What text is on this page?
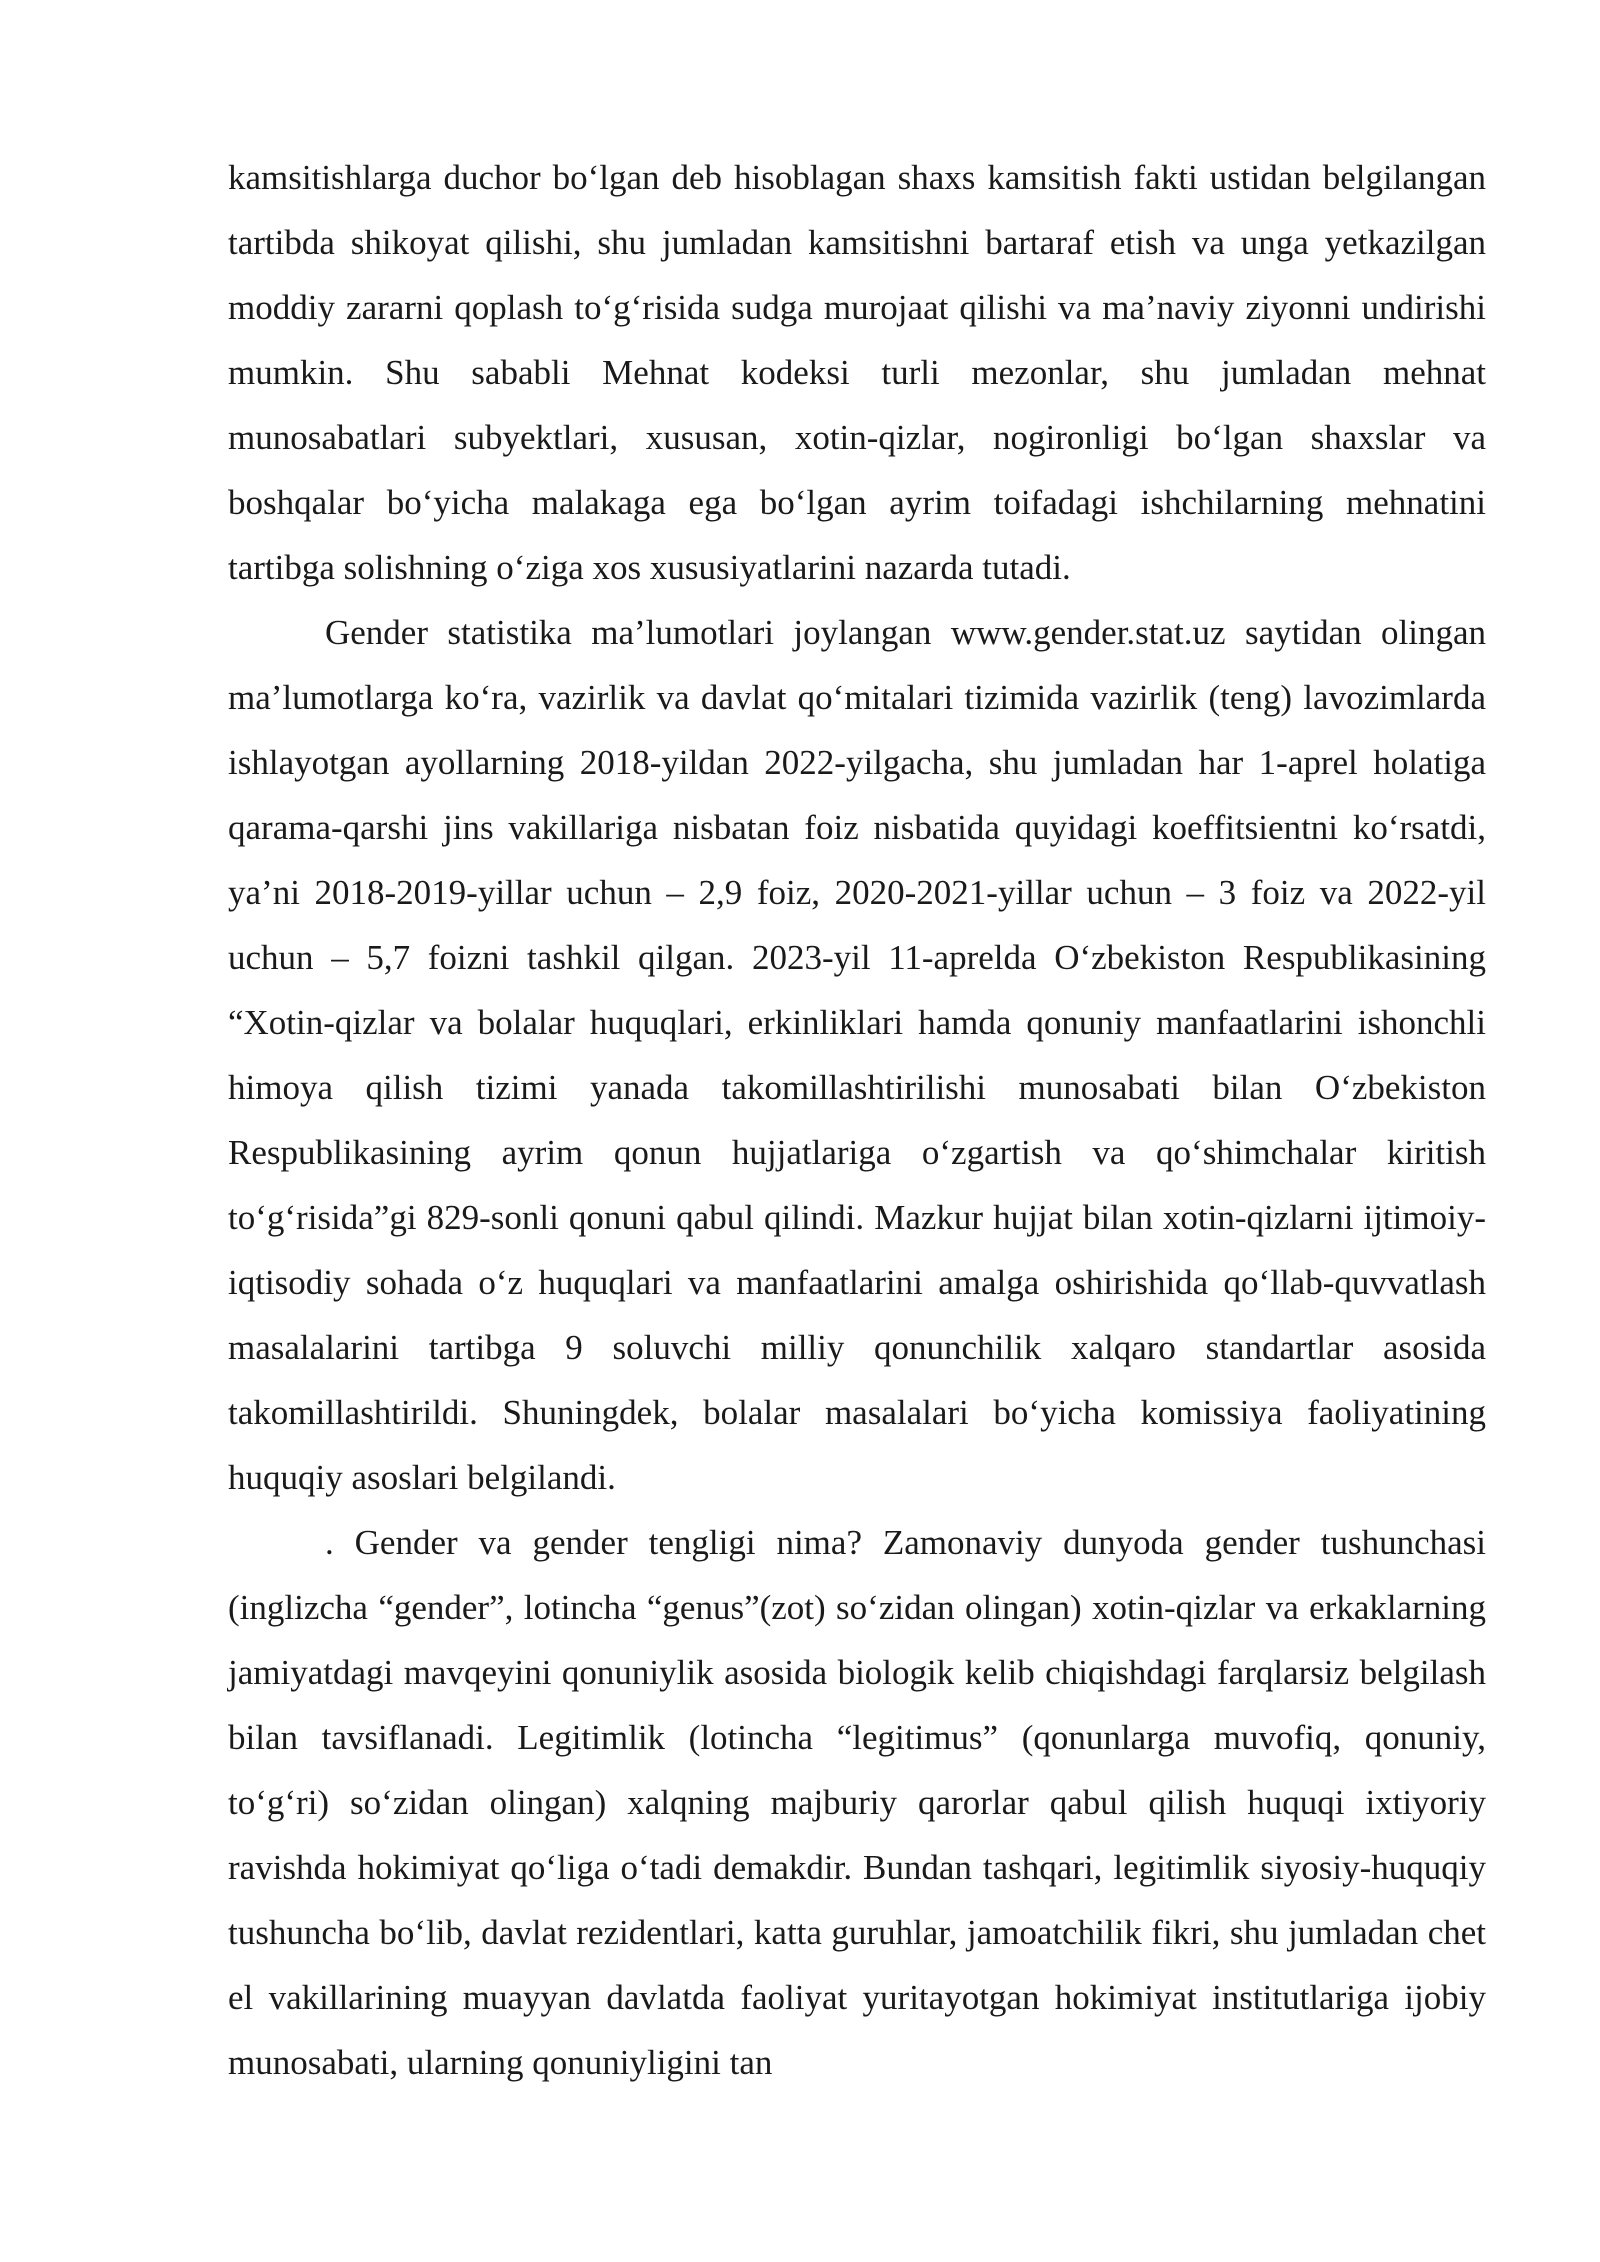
kamsitishlarga duchor bo‘lgan deb hisoblagan shaxs kamsitish fakti ustidan belgilangan tartibda shikoyat qilishi, shu jumladan kamsitishni bartaraf etish va unga yetkazilgan moddiy zararni qoplash to‘g‘risida sudga murojaat qilishi va ma’naviy ziyonni undirishi mumkin. Shu sababli Mehnat kodeksi turli mezonlar, shu jumladan mehnat munosabatlari subyektlari, xususan, xotin-qizlar, nogironligi bo‘lgan shaxslar va boshqalar bo‘yicha malakaga ega bo‘lgan ayrim toifadagi ishchilarning mehnatini tartibga solishning o‘ziga xos xususiyatlarini nazarda tutadi.

Gender statistika ma’lumotlari joylangan www.gender.stat.uz saytidan olingan ma’lumotlarga ko‘ra, vazirlik va davlat qo‘mitalari tizimida vazirlik (teng) lavozimlarda ishlayotgan ayollarning 2018-yildan 2022-yilgacha, shu jumladan har 1-aprel holatiga qarama-qarshi jins vakillariga nisbatan foiz nisbatida quyidagi koeffitsientni ko‘rsatdi, ya’ni 2018-2019-yillar uchun – 2,9 foiz, 2020-2021-yillar uchun – 3 foiz va 2022-yil uchun – 5,7 foizni tashkil qilgan. 2023-yil 11-aprelda O‘zbekiston Respublikasining “Xotin-qizlar va bolalar huquqlari, erkinliklari hamda qonuniy manfaatlarini ishonchli himoya qilish tizimi yanada takomillashtirilishi munosabati bilan O‘zbekiston Respublikasining ayrim qonun hujjatlariga o‘zgartish va qo‘shimchalar kiritish to‘g‘risida”gi 829-sonli qonuni qabul qilindi. Mazkur hujjat bilan xotin-qizlarni ijtimoiy-iqtisodiy sohada o‘z huquqlari va manfaatlarini amalga oshirishida qo‘llab-quvvatlash masalalarini tartibga 9 soluvchi milliy qonunchilik xalqaro standartlar asosida takomillashtirildi. Shuningdek, bolalar masalalari bo‘yicha komissiya faoliyatining huquqiy asoslari belgilandi.

. Gender va gender tengligi nima? Zamonaviy dunyoda gender tushunchasi (inglizcha “gender”, lotincha “genus”(zot) so‘zidan olingan) xotin-qizlar va erkaklarning jamiyatdagi mavqeyini qonuniylik asosida biologik kelib chiqishdagi farqlarsiz belgilash bilan tavsiflanadi. Legitimlik (lotincha “legitimus” (qonunlarga muvofiq, qonuniy, to‘g‘ri) so‘zidan olingan) xalqning majburiy qarorlar qabul qilish huquqi ixtiyoriy ravishda hokimiyat qo‘liga o‘tadi demakdir. Bundan tashqari, legitimlik siyosiy-huquqiy tushuncha bo‘lib, davlat rezidentlari, katta guruhlar, jamoatchilik fikri, shu jumladan chet el vakillarining muayyan davlatda faoliyat yuritayotgan hokimiyat institutlariga ijobiy munosabati, ularning qonuniyligini tan
